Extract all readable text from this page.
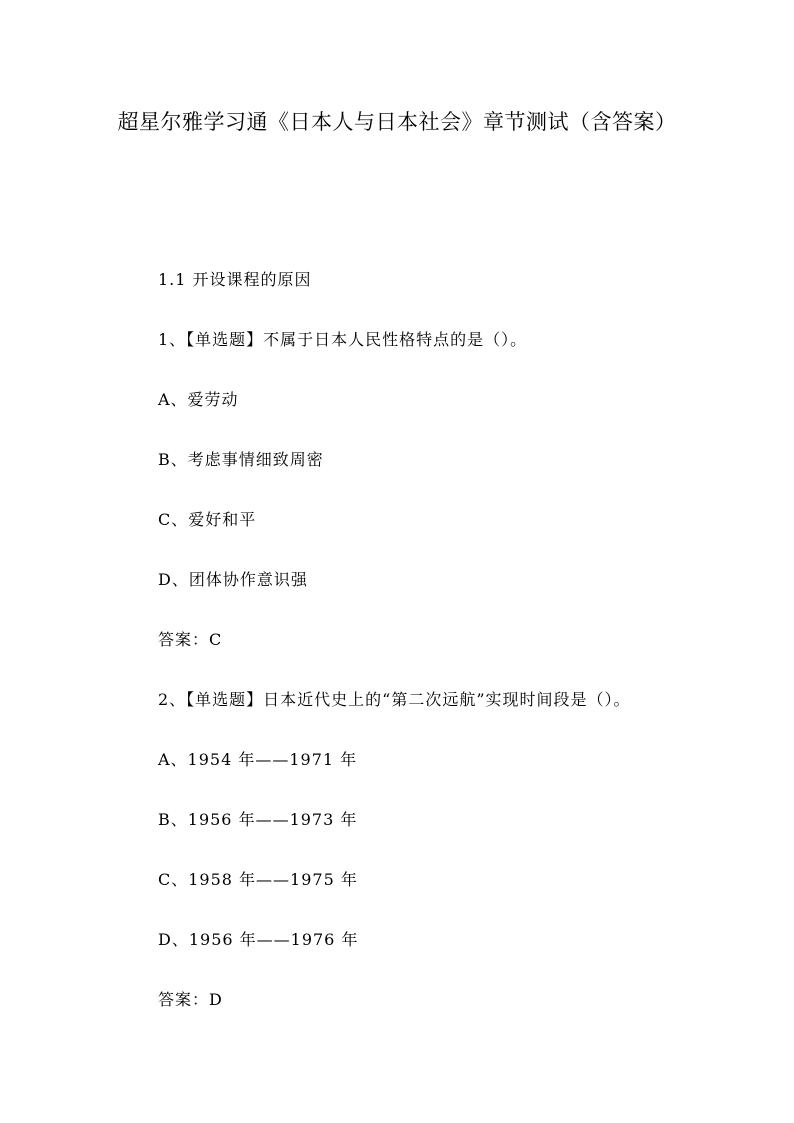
超星尔雅学习通《日本人与日本社会》章节测试（含答案）
1.1 开设课程的原因
1、【单选题】不属于日本人民性格特点的是（）。
A、爱劳动
B、考虑事情细致周密
C、爱好和平
D、团体协作意识强
答案：C
2、【单选题】日本近代史上的“第二次远航”实现时间段是（）。
A、1954 年——1971 年
B、1956 年——1973 年
C、1958 年——1975 年
D、1956 年——1976 年
答案：D
